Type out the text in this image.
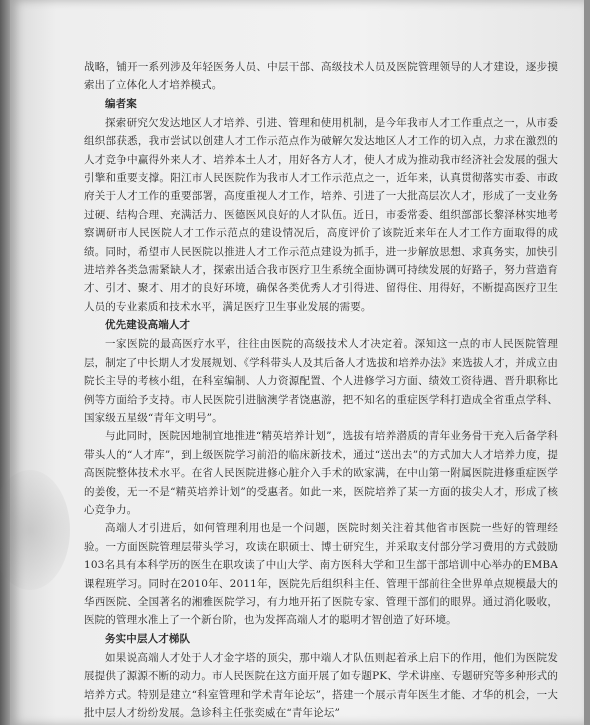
战略，铺开一系列涉及年轻医务人员、中层干部、高级技术人员及医院管理领导的人才建设，逐步摸索出了立体化人才培养模式。

编者案

探索研究欠发达地区人才培养、引进、管理和使用机制，是今年我市人才工作重点之一，从市委组织部获悉，我市尝试以创建人才工作示范点作为破解欠发达地区人才工作的切入点，力求在激烈的人才竞争中赢得外来人才、培养本土人才，用好各方人才，使人才成为推动我市经济社会发展的强大引擎和重要支撑。阳江市人民医院作为我市人才工作示范点之一，近年来，认真贯彻落实市委、市政府关于人才工作的重要部署，高度重视人才工作，培养、引进了一大批高层次人才，形成了一支业务过硬、结构合理、充满活力、医德医风良好的人才队伍。近日，市委常委、组织部部长黎泽林实地考察调研市人民医院人才工作示范点的建设情况后，高度评价了该院近来年在人才工作方面取得的成绩。同时，希望市人民医院以推进人才工作示范点建设为抓手，进一步解放思想、求真务实，加快引进培养各类急需紧缺人才，探索出适合我市医疗卫生系统全面协调可持续发展的好路子，努力营造育才、引才、聚才、用才的良好环境，确保各类优秀人才引得进、留得住、用得好，不断提高医疗卫生人员的专业素质和技术水平，满足医疗卫生事业发展的需要。

优先建设高端人才

一家医院的最高医疗水平，往往由医院的高级技术人才决定着。深知这一点的市人民医院管理层，制定了中长期人才发展规划、《学科带头人及其后备人才选拔和培养办法》来选拔人才，并成立由院长主导的考核小组，在科室编制、人力资源配置、个人进修学习方面、绩效工资待遇、晋升职称比例等方面给予支持。市人民医院引进脑澳学者饶惠游，把不知名的重症医学科打造成全省重点学科、国家级五星级“青年文明号”。

与此同时，医院因地制宜地推进“精英培养计划”，选拔有培养潜质的青年业务骨干充入后备学科带头人的“人才库”，到上级医院学习前沿的临床新技术，通过“送出去”的方式加大人才培养力度，提高医院整体技术水平。在省人民医院进修心脏介入手术的欧家满，在中山第一附属医院进修重症医学的姜俊，无一不是“精英培养计划”的受惠者。如此一来，医院培养了某一方面的拔尖人才，形成了核心竞争力。

高端人才引进后，如何管理利用也是一个问题，医院时刻关注着其他省市医院一些好的管理经验。一方面医院管理层带头学习，攻读在职硕士、博士研究生，并采取支付部分学习费用的方式鼓励103名具有本科学历的医生在职攻读了中山大学、南方医科大学和卫生部干部培训中心举办的EMBA课程班学习。同时在2010年、2011年，医院先后组织科主任、管理干部前往全世界单点规模最大的华西医院、全国著名的湘雅医院学习，有力地开拓了医院专家、管理干部们的眼界。通过消化吸收，医院的管理水准上了一个新台阶，也为发挥高端人才的聪明才智创造了好环境。

务实中层人才梯队

如果说高端人才处于人才金字塔的顶尖，那中端人才队伍则起着承上启下的作用，他们为医院发展提供了源源不断的动力。市人民医院在这方面开展了如专题PK、学术讲座、专题研究等多种形式的培养方式。特别是建立“科室管理和学术青年论坛”，搭建一个展示青年医生才能、才华的机会，一大批中层人才纷纷发展。急诊科主任张奕威在“青年论坛”
